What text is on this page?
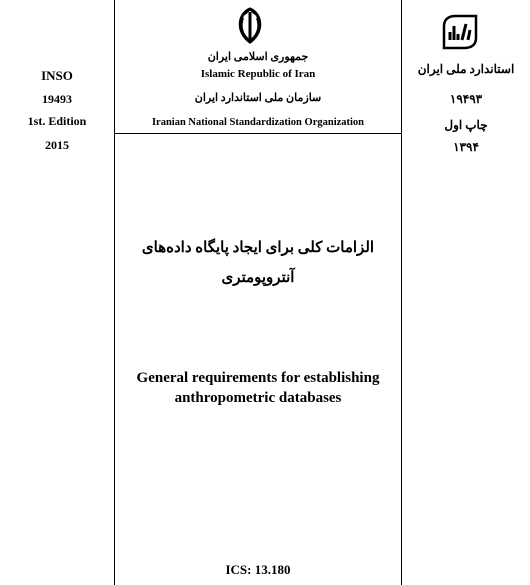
INSO
19493
1st. Edition
2015
جمهوری اسلامی ایران
Islamic Republic of Iran
سازمان ملی استاندارد ایران
Iranian National Standardization Organization
الزامات کلی برای ایجاد پایگاه داده‌های
آنتروپومتری
General requirements for establishing
anthropometric databases
ICS: 13.180
استاندارد ملی ایران
۱۹۴۹۳
چاپ اول
۱۳۹۴
